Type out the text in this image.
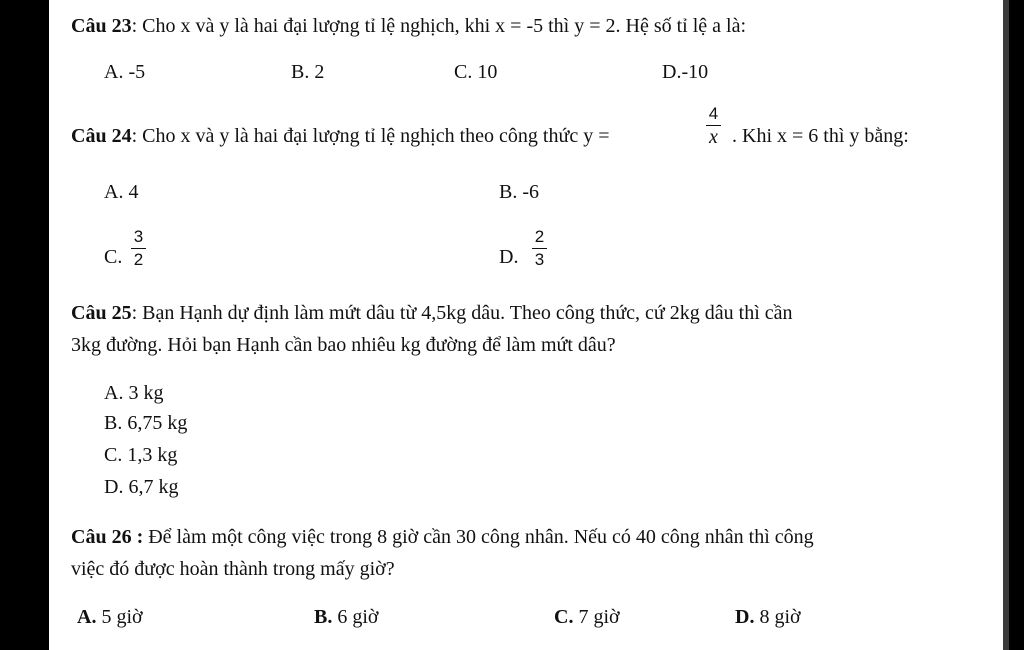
Câu 23: Cho x và y là hai đại lượng tỉ lệ nghịch, khi x = -5 thì y = 2. Hệ số tỉ lệ a là:
A. -5	B. 2	C. 10	D.-10
Câu 24: Cho x và y là hai đại lượng tỉ lệ nghịch theo công thức y =
4
x . Khi x = 6 thì y bằng:
A. 4	B. -6
C.
3
2	D.
2
3
Câu 25: Bạn Hạnh dự định làm mứt dâu từ 4,5kg dâu. Theo công thức, cứ 2kg dâu thì cần
3kg đường. Hỏi bạn Hạnh cần bao nhiêu kg đường để làm mứt dâu?
A. 3 kg
B. 6,75 kg
C. 1,3 kg
D. 6,7 kg
Câu 26 : Để làm một công việc trong 8 giờ cần 30 công nhân. Nếu có 40 công nhân thì công
việc đó được hoàn thành trong mấy giờ?
A. 5 giờ	B. 6 giờ	C. 7 giờ	D. 8 giờ
